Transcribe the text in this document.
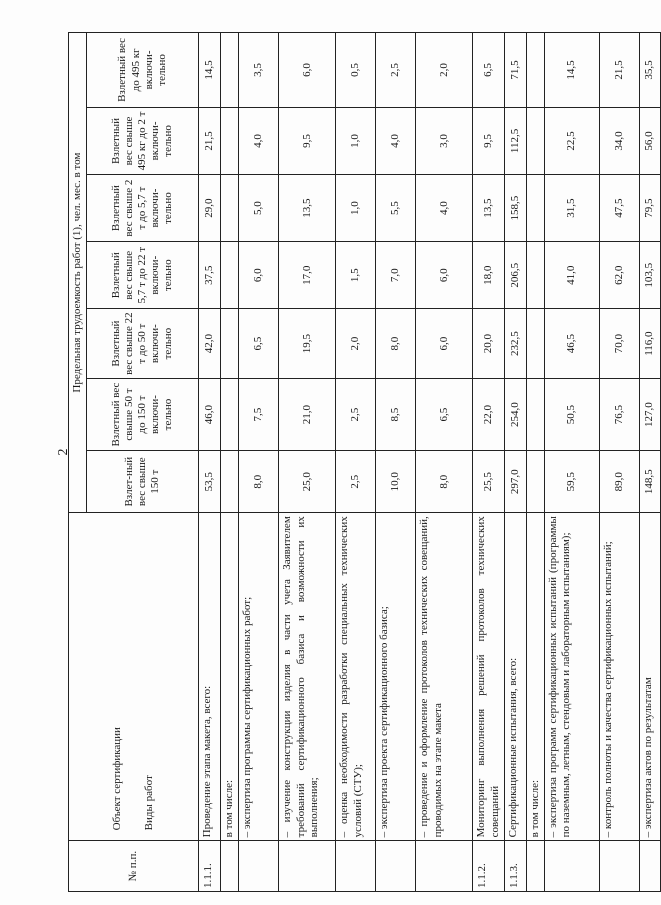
2
№ п.п.	Объект сертификации Виды работ	Предельная трудоемкость работ (1), чел. мес. в том						
		Взлет-ный вес свыше 150 т	Взлетный вес свыше 50 т до 150 т включи-тельно	Взлетный вес свыше 22 т до 50 т включи-тельно	Взлетный вес свыше 5,7 т до 22 т включи-тельно	Взлетный вес свыше 2 т до 5,7 т включи-тельно	Взлетный вес свыше 495 кг до 2 т включи-тельно	Взлетный вес до 495 кг включи-тельно
1.1.1.	Проведение этапа макета, всего:	53,5	46,0	42,0	37,5	29,0	21,5	14,5
	в том числе:							
	– экспертиза программы сертификационных работ;	8,0	7,5	6,5	6,0	5,0	4,0	3,5
	– изучение конструкции изделия в части учета Заявителем требований сертификационного базиса и возможности их выполнения;	25,0	21,0	19,5	17,0	13,5	9,5	6,0
	– оценка необходимости разработки специальных технических условий (СТУ);	2,5	2,5	2,0	1,5	1,0	1,0	0,5
	– экспертиза проекта сертификационного базиса;	10,0	8,5	8,0	7,0	5,5	4,0	2,5
	– проведение и оформление протоколов технических совещаний, проводимых на этапе макета	8,0	6,5	6,0	6,0	4,0	3,0	2,0
1.1.2.	Мониторинг выполнения решений протоколов технических совещаний	25,5	22,0	20,0	18,0	13,5	9,5	6,5
1.1.3.	Сертификационные испытания, всего:	297,0	254,0	232,5	206,5	158,5	112,5	71,5
	в том числе:							
	– экспертиза программ сертификационных испытаний (программы по наземным, летным, стендовым и лабораторным испытаниям);	59,5	50,5	46,5	41,0	31,5	22,5	14,5
	– контроль полноты и качества сертификационных испытаний;	89,0	76,5	70,0	62,0	47,5	34,0	21,5
	– экспертиза актов по результатам	148,5	127,0	116,0	103,5	79,5	56,0	35,5
